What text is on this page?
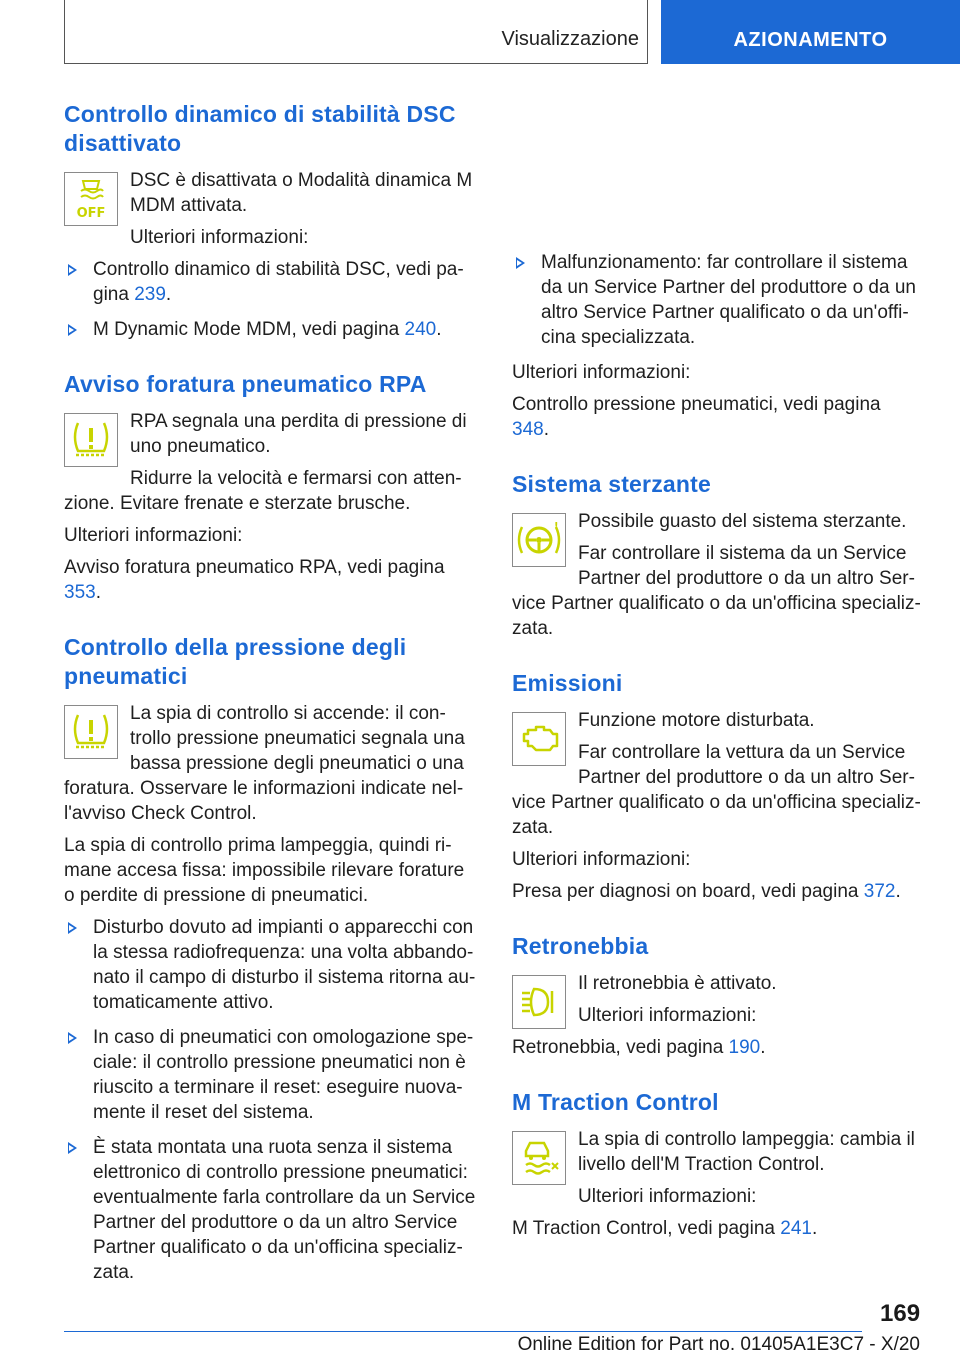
Visualizzazione	AZIONAMENTO
Controllo dinamico di stabilità DSC disattivato
OFF

DSC è disattivata o Modalità dinamica M MDM attivata.

Ulteriori informazioni:

Controllo dinamico di stabilità DSC, vedi pagina 239.
M Dynamic Mode MDM, vedi pagina 240.
Avviso foratura pneumatico RPA

RPA segnala una perdita di pressione di uno pneumatico.

Ridurre la velocità e fermarsi con attenzione. Evitare frenate e sterzate brusche.

Ulteriori informazioni:

Avviso foratura pneumatico RPA, vedi pagina 353.

Controllo della pressione degli pneumatici

La spia di controllo si accende: il controllo pressione pneumatici segnala una bassa pressione degli pneumatici o una foratura. Osservare le informazioni indicate nell'avviso Check Control.

La spia di controllo prima lampeggia, quindi rimane accesa fissa: impossibile rilevare forature o perdite di pressione di pneumatici.

Disturbo dovuto ad impianti o apparecchi con la stessa radiofrequenza: una volta abbandonato il campo di disturbo il sistema ritorna automaticamente attivo.
In caso di pneumatici con omologazione speciale: il controllo pressione pneumatici non è riuscito a terminare il reset: eseguire nuovamente il reset del sistema.
È stata montata una ruota senza il sistema elettronico di controllo pressione pneumatici: eventualmente farla controllare da un Service Partner del produttore o da un altro Service Partner qualificato o da un'officina specializzata.
Malfunzionamento: far controllare il sistema da un Service Partner del produttore o da un altro Service Partner qualificato o da un'officina specializzata.

Ulteriori informazioni:

Controllo pressione pneumatici, vedi pagina 348.

Sistema sterzante
!	Possibile guasto del sistema sterzante.

Far controllare il sistema da un Service Partner del produttore o da un altro Service Partner qualificato o da un'officina specializzata.

Emissioni

Funzione motore disturbata.

Far controllare la vettura da un Service Partner del produttore o da un altro Service Partner qualificato o da un'officina specializzata.

Ulteriori informazioni:

Presa per diagnosi on board, vedi pagina 372.

Retronebbia

Il retronebbia è attivato.

Ulteriori informazioni:

Retronebbia, vedi pagina 190.

M Traction Control

La spia di controllo lampeggia: cambia il livello dell'M Traction Control.

Ulteriori informazioni:

M Traction Control, vedi pagina 241.

169
Online Edition for Part no. 01405A1E3C7 - X/20
